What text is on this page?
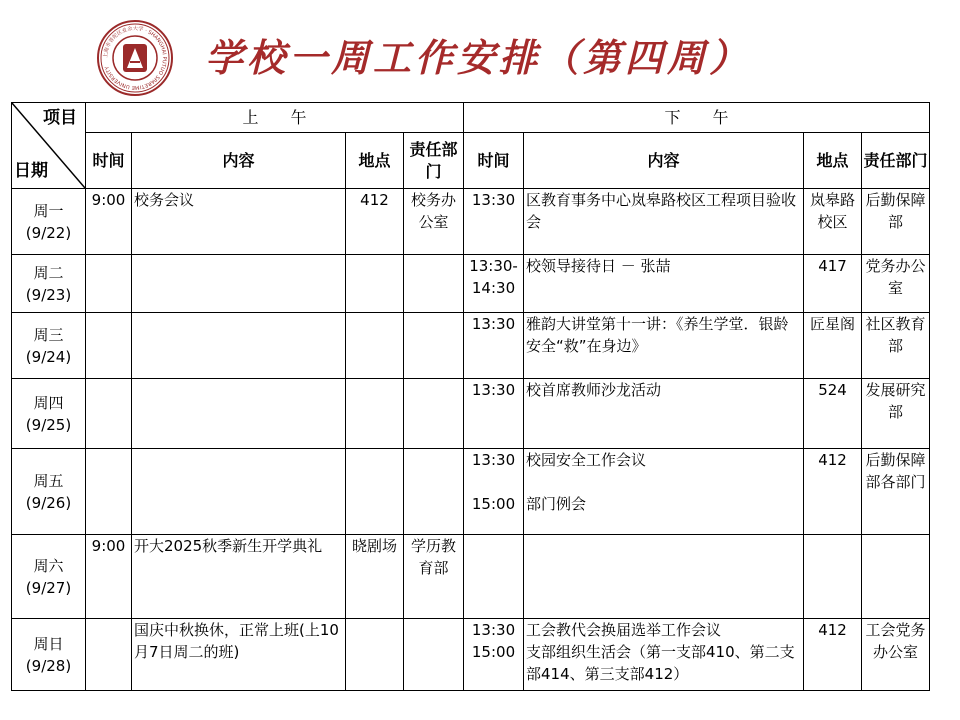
上海市普陀区业余大学 · SHANGHAI PUTUO SPARETIME UNIVERSITY	学校一周工作安排（第四周）
项目
日期	上　　午				下　　午			
	时间	内容	地点	责任部门	时间	内容	地点	责任部门

周一
(9/22)	9:00	校务会议	412	校务办公室	13:30	区教育事务中心岚皋路校区工程项目验收会	岚皋路校区	后勤保障部

周二
(9/23)					13:30-14:30	校领导接待日 － 张喆	417	党务办公室

周三
(9/24)					13:30	雅韵大讲堂第十一讲：《养生学堂．银龄安全“救”在身边》	匠星阁	社区教育部

周四
(9/25)					13:30	校首席教师沙龙活动	524	发展研究部

周五
(9/26)					13:30
15:00	校园安全工作会议
部门例会	412	后勤保障部各部门

周六
(9/27)	9:00	开大2025秋季新生开学典礼	晓剧场	学历教育部				

周日
(9/28)		国庆中秋换休，正常上班(上10月7日周二的班)			13:30
15:00	工会教代会换届选举工作会议
支部组织生活会（第一支部410、第二支部414、第三支部412）	412	工会党务办公室
